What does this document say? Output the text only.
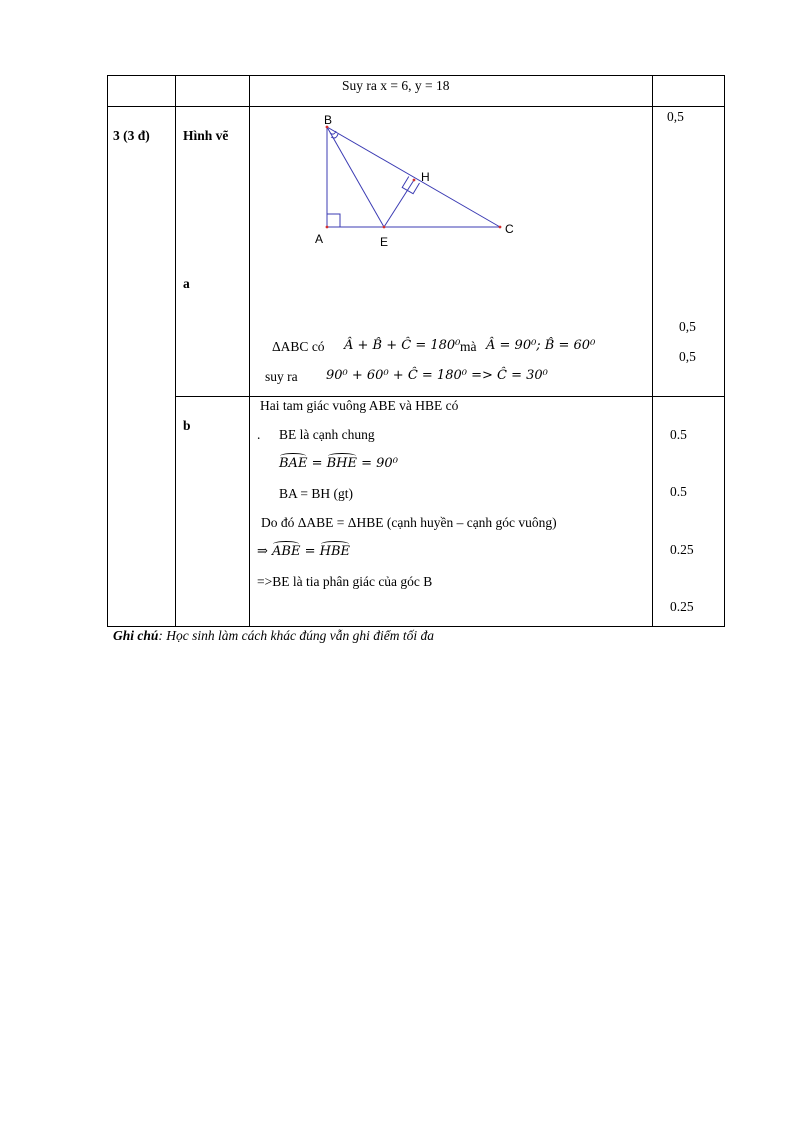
Suy ra x = 6, y = 18
3 (3 đ) Hình vẽ
B
H
A	E
C
a
ΔABC có Â + B̂ + Ĉ = 180⁰ mà Â = 90⁰; B̂ = 60⁰
suy ra 90⁰ + 60⁰ + Ĉ = 180⁰ => Ĉ = 30⁰
0,5
0,5
0,5
b
Hai tam giác vuông ABE và HBE có
. BE là cạnh chung
BAE = BHE = 90⁰
BA = BH (gt)
Do đó ΔABE = ΔHBE (cạnh huyền – cạnh góc vuông)
⇒ ABE = HBE
=>BE là tia phân giác của góc B
0.5
0.5
0.25
0.25
Ghi chú: Học sinh làm cách khác đúng vẫn ghi điểm tối đa
